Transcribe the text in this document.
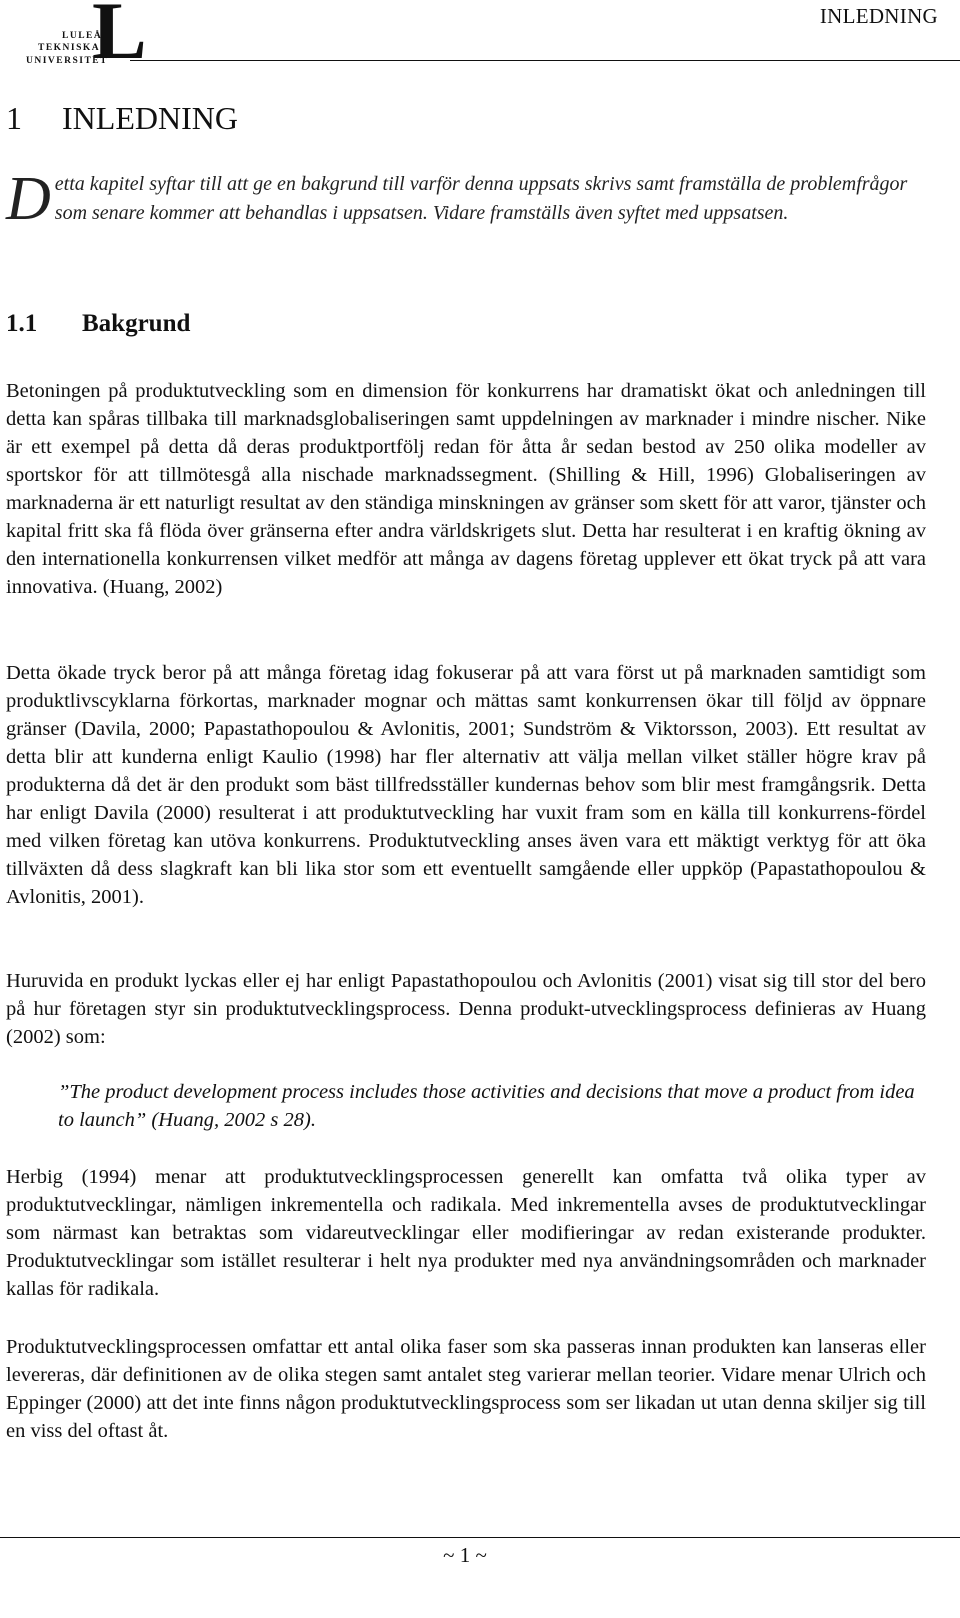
L
LULEÅ
TEKNISKA
UNIVERSITET
INLEDNING
1 INLEDNING

Detta kapitel syftar till att ge en bakgrund till varför denna uppsats skrivs samt framställa de problemfrågor som senare kommer att behandlas i uppsatsen. Vidare framställs även syftet med uppsatsen.

1.1 Bakgrund

Betoningen på produktutveckling som en dimension för konkurrens har dramatiskt ökat och anledningen till detta kan spåras tillbaka till marknadsglobaliseringen samt uppdelningen av marknader i mindre nischer. Nike är ett exempel på detta då deras produktportfölj redan för åtta år sedan bestod av 250 olika modeller av sportskor för att tillmötesgå alla nischade marknadssegment. (Shilling & Hill, 1996) Globaliseringen av marknaderna är ett naturligt resultat av den ständiga minskningen av gränser som skett för att varor, tjänster och kapital fritt ska få flöda över gränserna efter andra världskrigets slut. Detta har resulterat i en kraftig ökning av den internationella konkurrensen vilket medför att många av dagens företag upplever ett ökat tryck på att vara innovativa. (Huang, 2002)

Detta ökade tryck beror på att många företag idag fokuserar på att vara först ut på marknaden samtidigt som produktlivscyklarna förkortas, marknader mognar och mättas samt konkurrensen ökar till följd av öppnare gränser (Davila, 2000; Papastathopoulou & Avlonitis, 2001; Sundström & Viktorsson, 2003). Ett resultat av detta blir att kunderna enligt Kaulio (1998) har fler alternativ att välja mellan vilket ställer högre krav på produkterna då det är den produkt som bäst tillfredsställer kundernas behov som blir mest framgångsrik. Detta har enligt Davila (2000) resulterat i att produktutveckling har vuxit fram som en källa till konkurrens-fördel med vilken företag kan utöva konkurrens. Produktutveckling anses även vara ett mäktigt verktyg för att öka tillväxten då dess slagkraft kan bli lika stor som ett eventuellt samgående eller uppköp (Papastathopoulou & Avlonitis, 2001).

Huruvida en produkt lyckas eller ej har enligt Papastathopoulou och Avlonitis (2001) visat sig till stor del bero på hur företagen styr sin produktutvecklingsprocess. Denna produkt-utvecklingsprocess definieras av Huang (2002) som:

”The product development process includes those activities and decisions that move a product from idea to launch” (Huang, 2002 s 28).

Herbig (1994) menar att produktutvecklingsprocessen generellt kan omfatta två olika typer av produktutvecklingar, nämligen inkrementella och radikala. Med inkrementella avses de produktutvecklingar som närmast kan betraktas som vidareutvecklingar eller modifieringar av redan existerande produkter. Produktutvecklingar som istället resulterar i helt nya produkter med nya användningsområden och marknader kallas för radikala.

Produktutvecklingsprocessen omfattar ett antal olika faser som ska passeras innan produkten kan lanseras eller levereras, där definitionen av de olika stegen samt antalet steg varierar mellan teorier. Vidare menar Ulrich och Eppinger (2000) att det inte finns någon produktutvecklingsprocess som ser likadan ut utan denna skiljer sig till en viss del oftast åt.

~ 1 ~
